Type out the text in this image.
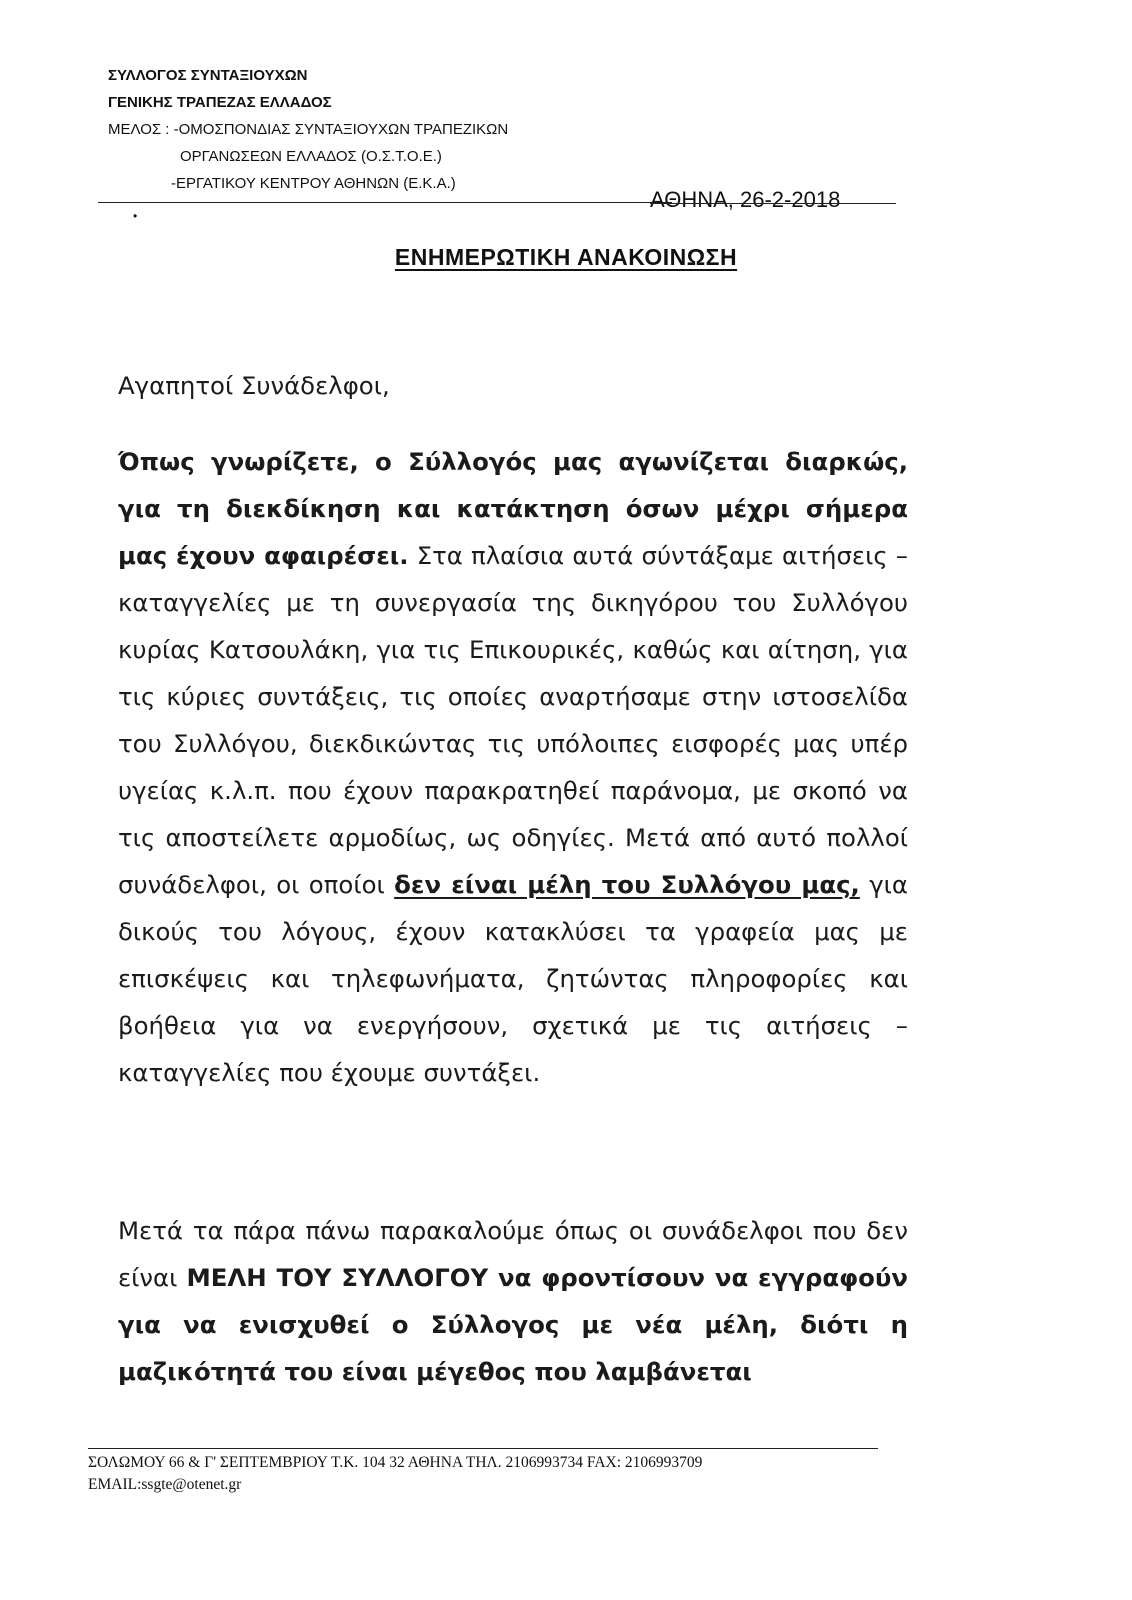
ΣΥΛΛΟΓΟΣ ΣΥΝΤΑΞΙΟΥΧΩΝ
ΓΕΝΙΚΗΣ ΤΡΑΠΕΖΑΣ ΕΛΛΑΔΟΣ
ΜΕΛΟΣ : -ΟΜΟΣΠΟΝΔΙΑΣ ΣΥΝΤΑΞΙΟΥΧΩΝ ΤΡΑΠΕΖΙΚΩΝ
ΟΡΓΑΝΩΣΕΩΝ ΕΛΛΑΔΟΣ (Ο.Σ.Τ.Ο.Ε.)
-ΕΡΓΑΤΙΚΟΥ ΚΕΝΤΡΟΥ ΑΘΗΝΩΝ (Ε.Κ.Α.)
•
ΑΘΗΝΑ, 26-2-2018
ΕΝΗΜΕΡΩΤΙΚΗ ΑΝΑΚΟΙΝΩΣΗ
Αγαπητοί Συνάδελφοι,
Όπως γνωρίζετε, ο Σύλλογός μας αγωνίζεται διαρκώς, για τη διεκδίκηση και κατάκτηση όσων μέχρι σήμερα μας έχουν αφαιρέσει. Στα πλαίσια αυτά σύντάξαμε αιτήσεις – καταγγελίες με τη συνεργασία της δικηγόρου του Συλλόγου κυρίας Κατσουλάκη, για τις Επικουρικές, καθώς και αίτηση, για τις κύριες συντάξεις, τις οποίες αναρτήσαμε στην ιστοσελίδα του Συλλόγου, διεκδικώντας τις υπόλοιπες εισφορές μας υπέρ υγείας κ.λ.π. που έχουν παρακρατηθεί παράνομα, με σκοπό να τις αποστείλετε αρμοδίως, ως οδηγίες. Μετά από αυτό πολλοί συνάδελφοι, οι οποίοι δεν είναι μέλη του Συλλόγου μας, για δικούς του λόγους, έχουν κατακλύσει τα γραφεία μας με επισκέψεις και τηλεφωνήματα, ζητώντας πληροφορίες και βοήθεια για να ενεργήσουν, σχετικά με τις αιτήσεις – καταγγελίες που έχουμε συντάξει.
Μετά τα πάρα πάνω παρακαλούμε όπως οι συνάδελφοι που δεν είναι ΜΕΛΗ ΤΟΥ ΣΥΛΛΟΓΟΥ να φροντίσουν να εγγραφούν για να ενισχυθεί ο Σύλλογος με νέα μέλη, διότι η μαζικότητά του είναι μέγεθος που λαμβάνεται
ΣΟΛΩΜΟΥ 66 & Γ' ΣΕΠΤΕΜΒΡΙΟΥ Τ.Κ. 104 32 ΑΘΗΝΑ ΤΗΛ. 2106993734 FAX: 2106993709
EMAIL:ssgte@otenet.gr
